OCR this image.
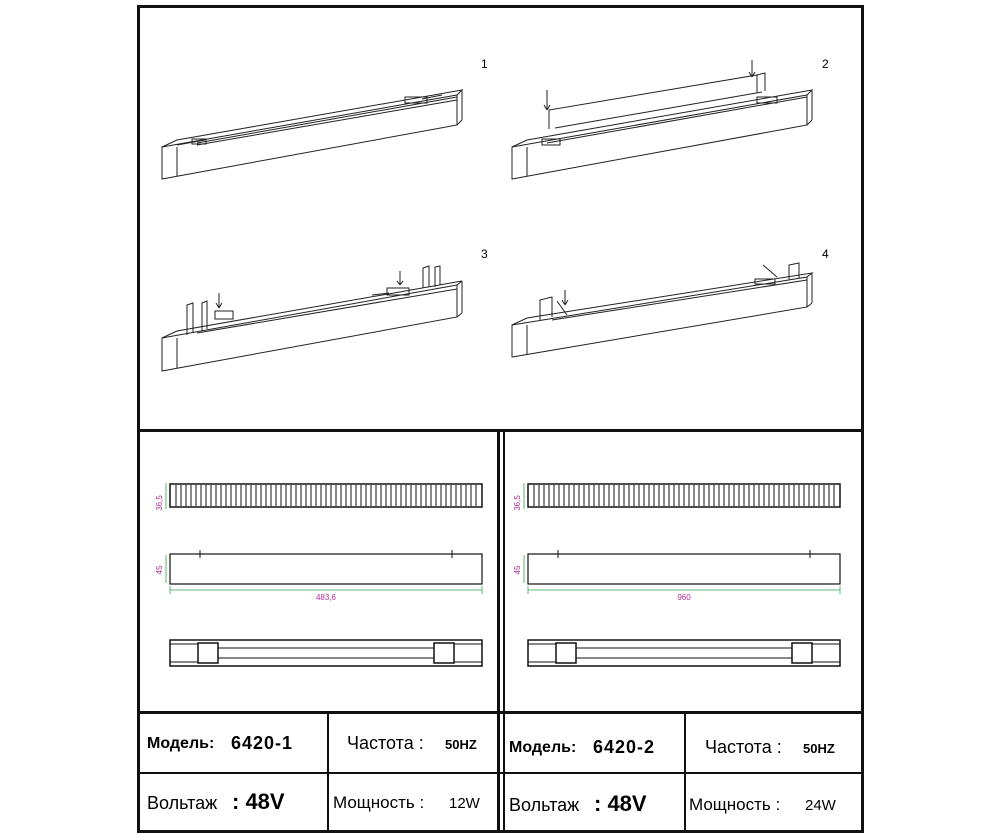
1	2
3	4
36,5
45
483,6
36,5
45
960
Модель: 6420-1	Частота : 50HZ
Вольтаж : 48V	Мощность : 12W
Модель: 6420-2	Частота : 50HZ
Вольтаж : 48V Мощность : 24W
